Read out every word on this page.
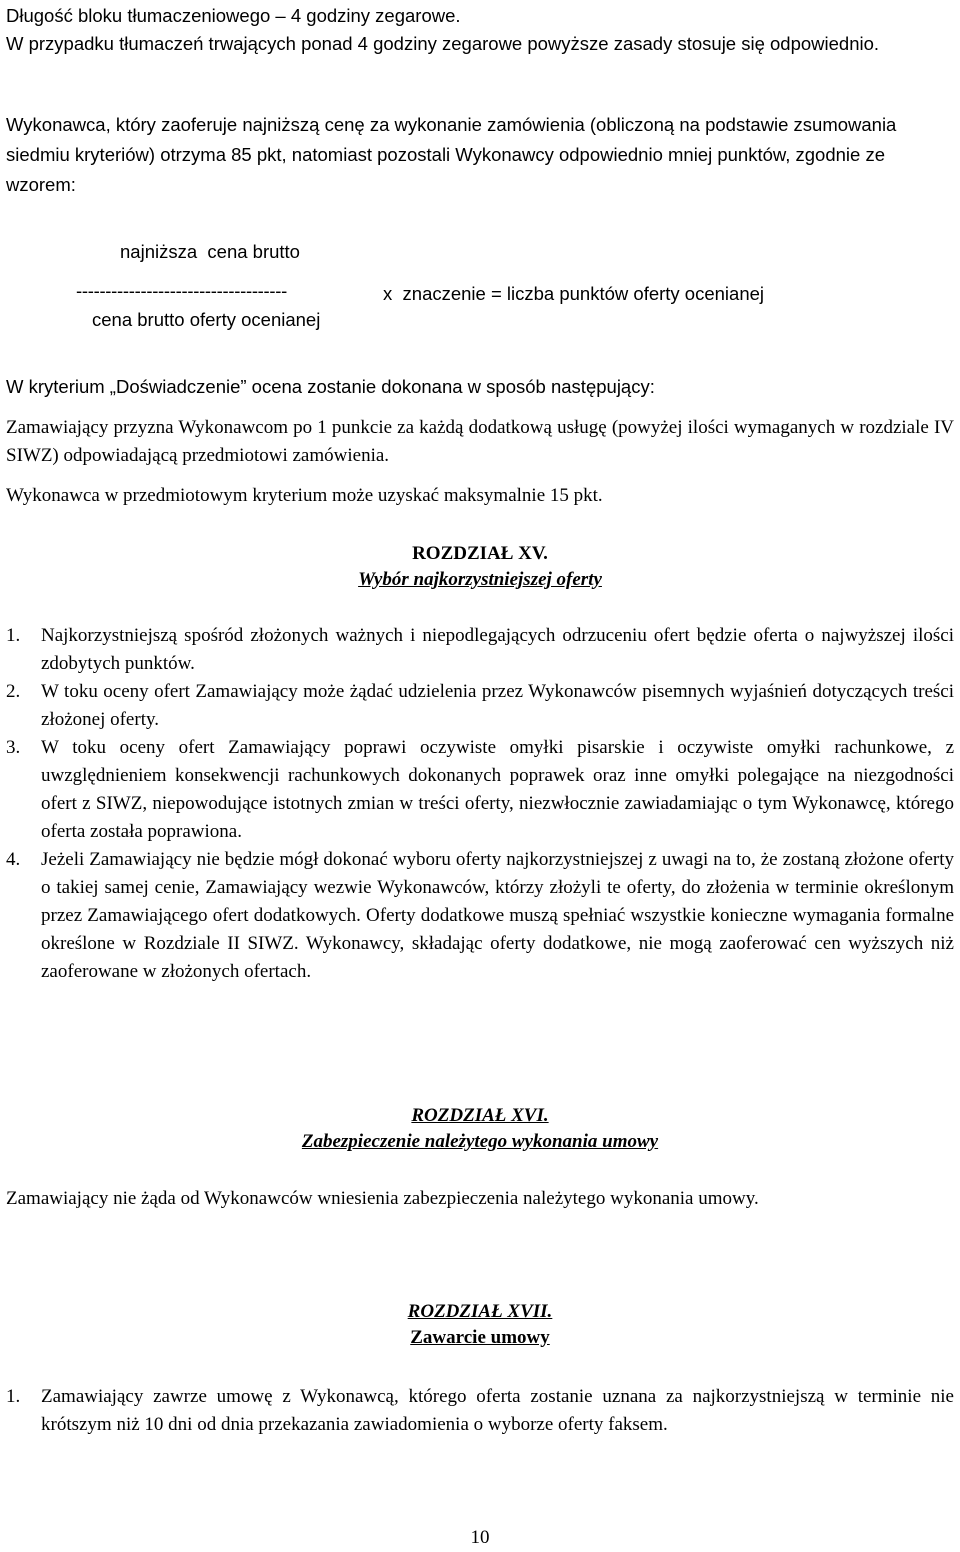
Długość bloku tłumaczeniowego – 4 godziny zegarowe.

W przypadku tłumaczeń trwających ponad 4 godziny zegarowe powyższe zasady stosuje się odpowiednio.

Wykonawca, który zaoferuje najniższą cenę za wykonanie zamówienia (obliczoną na podstawie zsumowania siedmiu kryteriów) otrzyma 85 pkt, natomiast pozostali Wykonawcy odpowiednio mniej punktów, zgodnie ze wzorem:

najniższa  cena brutto
------------------------------------	x  znaczenie = liczba punktów oferty ocenianej
cena brutto oferty ocenianej

W kryterium „Doświadczenie” ocena zostanie dokonana w sposób następujący:

Zamawiający przyzna Wykonawcom po 1 punkcie za każdą dodatkową usługę (powyżej ilości wymaganych w rozdziale IV SIWZ) odpowiadającą przedmiotowi zamówienia.

Wykonawca w przedmiotowym kryterium może uzyskać maksymalnie 15 pkt.

ROZDZIAŁ XV.

Wybór najkorzystniejszej oferty

1. Najkorzystniejszą spośród złożonych ważnych i niepodlegających odrzuceniu ofert będzie oferta o najwyższej ilości zdobytych punktów.
2. W toku oceny ofert Zamawiający może żądać udzielenia przez Wykonawców pisemnych wyjaśnień dotyczących treści złożonej oferty.
3. W toku oceny ofert Zamawiający poprawi oczywiste omyłki pisarskie i oczywiste omyłki rachunkowe, z uwzględnieniem konsekwencji rachunkowych dokonanych poprawek oraz inne omyłki polegające na niezgodności ofert z SIWZ, niepowodujące istotnych zmian w treści oferty, niezwłocznie zawiadamiając o tym Wykonawcę, którego oferta została poprawiona.
4. Jeżeli Zamawiający nie będzie mógł dokonać wyboru oferty najkorzystniejszej z uwagi na to, że zostaną złożone oferty o takiej samej cenie, Zamawiający wezwie Wykonawców, którzy złożyli te oferty, do złożenia w terminie określonym przez Zamawiającego ofert dodatkowych. Oferty dodatkowe muszą spełniać wszystkie konieczne wymagania formalne określone w Rozdziale II SIWZ. Wykonawcy, składając oferty dodatkowe, nie mogą zaoferować cen wyższych niż zaoferowane w złożonych ofertach.

ROZDZIAŁ XVI.

Zabezpieczenie należytego wykonania umowy

Zamawiający nie żąda od Wykonawców wniesienia zabezpieczenia należytego wykonania umowy.

ROZDZIAŁ XVII.

Zawarcie umowy

1. Zamawiający zawrze umowę z Wykonawcą, którego oferta zostanie uznana za najkorzystniejszą w terminie nie krótszym niż 10 dni od dnia przekazania zawiadomienia o wyborze oferty faksem.
10
